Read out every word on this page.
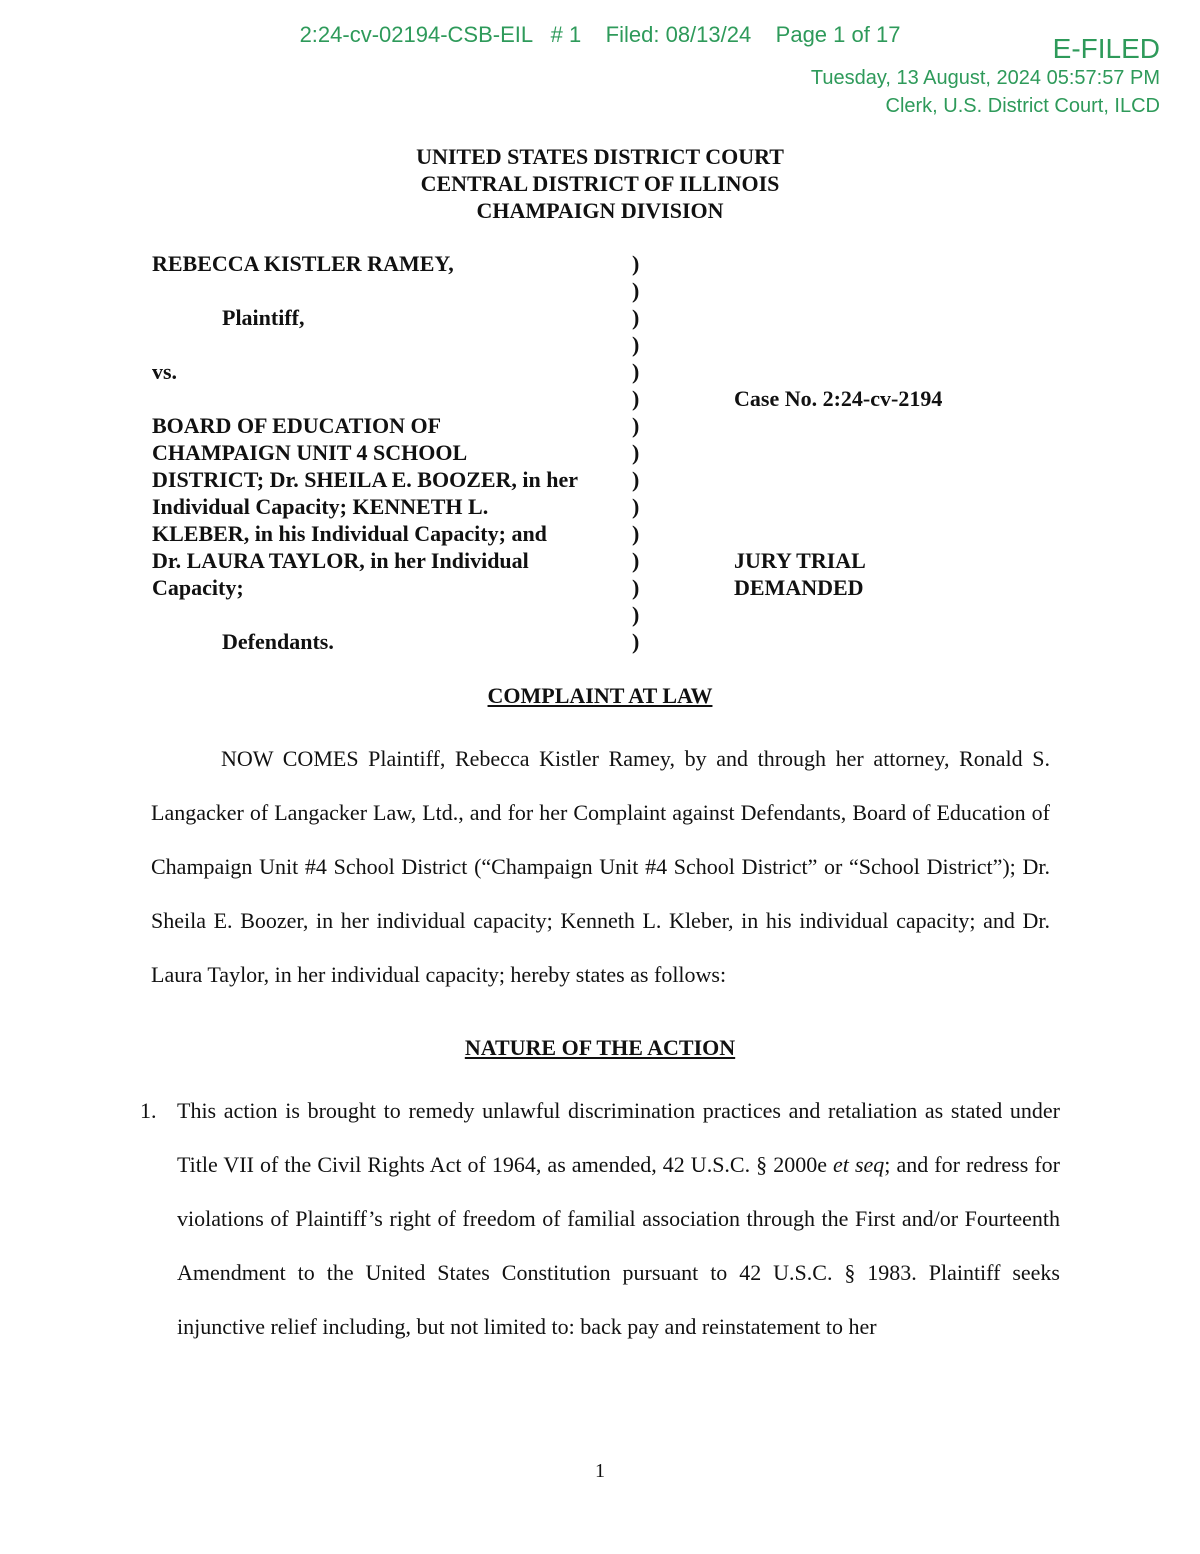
2:24-cv-02194-CSB-EIL   # 1    Filed: 08/13/24    Page 1 of 17	E-FILED
Tuesday, 13 August, 2024 05:57:57 PM
Clerk, U.S. District Court, ILCD
UNITED STATES DISTRICT COURT
CENTRAL DISTRICT OF ILLINOIS
CHAMPAIGN DIVISION
REBECCA KISTLER RAMEY,
Plaintiff,
vs.
BOARD OF EDUCATION OF
CHAMPAIGN UNIT 4 SCHOOL
DISTRICT; Dr. SHEILA E. BOOZER, in her
Individual Capacity; KENNETH L.
KLEBER, in his Individual Capacity; and
Dr. LAURA TAYLOR, in her Individual
Capacity;
Defendants.
)
)
)
)
)
)
)
)
)
)
)
)
)
)
)
Case No. 2:24-cv-2194
JURY TRIAL
DEMANDED
COMPLAINT AT LAW
NOW COMES Plaintiff, Rebecca Kistler Ramey, by and through her attorney, Ronald S. Langacker of Langacker Law, Ltd., and for her Complaint against Defendants, Board of Education of Champaign Unit #4 School District (“Champaign Unit #4 School District” or “School District”); Dr. Sheila E. Boozer, in her individual capacity; Kenneth L. Kleber, in his individual capacity; and Dr. Laura Taylor, in her individual capacity; hereby states as follows:
NATURE OF THE ACTION
1. This action is brought to remedy unlawful discrimination practices and retaliation as stated under Title VII of the Civil Rights Act of 1964, as amended, 42 U.S.C. § 2000e et seq; and for redress for violations of Plaintiff’s right of freedom of familial association through the First and/or Fourteenth Amendment to the United States Constitution pursuant to 42 U.S.C. § 1983. Plaintiff seeks injunctive relief including, but not limited to: back pay and reinstatement to her
1
